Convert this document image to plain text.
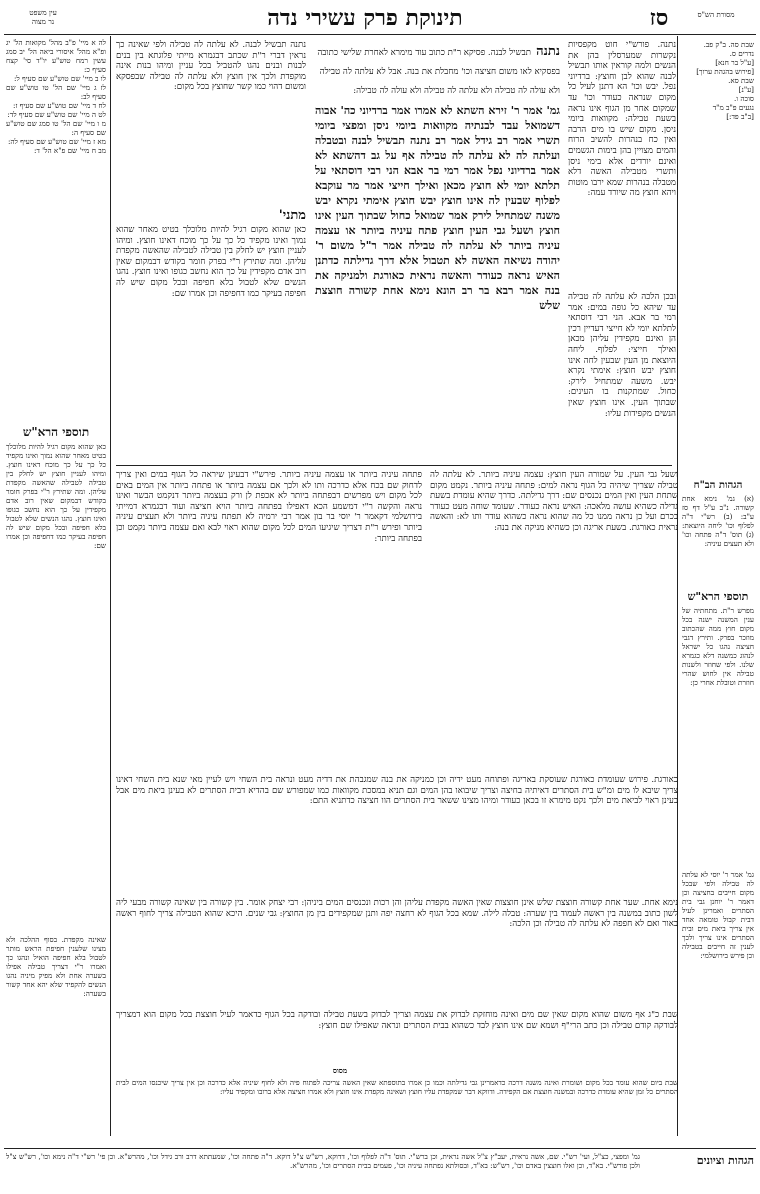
מסורת הש"ס
סז
תינוקת פרק עשירי נדה
עין משפט
נר מצוה
לה א מיי' פ"ב מהל' מקואות הל' יג ופ"א מהל' איסורי ביאה הל' יב סמג עשין רמח טוש"ע יו"ד סי' קצח סעיף כ:
לו ב מיי' שם טוש"ע שם סעיף ל:
לז ג מיי' שם הל' טו טוש"ע שם סעיף לב:
לח ד מיי' שם טוש"ע שם סעיף ז:
לט ה מיי' שם טוש"ע שם סעיף לד:
מ ו מיי' שם הל' טו סמג שם טוש"ע שם סעיף ה:
מא ז מיי' שם טוש"ע שם סעיף לה:
מב ח מיי' שם פ"א הל' ד:
תוספי הרא"ש
כאן שהוא מקום רגיל להיות מלוכלך בטיט מאחר שהוא נמוך ואינו מקפיד כל כך על כך מוכח דאינו חוצץ. ומיהו לעניין חוצץ יש לחלק בין טבילה לטבילה שהאשה מקפדת עליהן. ומה שתירץ ר"י בפרק חומר בקודש דבמקום שאין רוב אדם מקפידין על כך הוא נחשב כגופו ואינו חוצץ. נהגו הנשים שלא לטבול בלא חפיפה ובכל מקום שיש לה חפיפה בעיקר כמו דחפיפה וכן אמרו שם:
שאינה מקפדת. בסוף ההלכה ולא מצינו שלענין חפיפת הראש מותר לטבול בלא חפיפה הואיל ונהגו כך ואמרו ר"י דצריך טבילה אפילו בשערה אחת ולא מפיק מיניה נהגו הנשים להקפיד שלא יהא אחד קשור בשערה:
נתנה תבשיל לבנה. לא עלתה לה טבילה ולפי שאינה כך נראין דברי ר"ת שכתב דבגמרא מייתי פלוגתא בין בנים לבנות ובנים נהגו להטביל בכל עניין ומיהו בנות אינה מוקפדת ולכך אין חוצץ ולא עלתה לה טבילה שבפסקא ומשום דהוי כמו קשר שחוצץ בכל מקום:
מתני'
כאן שהוא מקום רגיל להיות מלוכלך בטיט מאחר שהוא נמוך ואינו מקפיד כל כך על כך מוכח דאינו חוצץ. ומיהו לעניין חוצץ יש לחלק בין טבילה לטבילה שהאשה מקפדת עליהן. ומה שתירץ ר"י בפרק חומר בקודש דבמקום שאין רוב אדם מקפידין על כך הוא נחשב כגופו ואינו חוצץ. נהגו הנשים שלא לטבול בלא חפיפה ובכל מקום שיש לה חפיפה בעיקר כמו דחפיפה וכן אמרו שם:
נתנה תבשיל לבנה. פסיקא ר"ת כתוב עוד מימרא לאחרת שלישי כתובה בפסקיא לאו משום חציצה וכו' מחבלת את בנה. אבל לא עלתה לה טבילה ולא עולה לה טבילה ולא עלתה לה טבילה ולא עולה לה טבילה:
גמ' אמר ר' זירא השתא לא אמרו אמר ברדיוני כה' אבוה דשמואל עבד לבנתיה מקוואות ביומי ניסן ומפצי ביומי תשרי אמר רב גידל אמר רב נתנה תבשיל לבנה ובטבלה ועלתה לה לא עלתה לה טבילה אף על גב דהשתא לא אמר ברדיוני נפל אמר רמי בר אבא הני רבי דוסתאי על תלתא יומי לא חוצץ מכאן ואילך חייצי אמר מר עוקבא לפלוף שבעין לה אינו חוצץ יבש חוצץ אימתי נקרא יבש משנה שמתחיל לירק אמר שמואל כחול שבתוך העין אינו חוצץ ושעל גבי העין חוצץ פתח עיניה ביותר או עצמה עיניה ביותר לא עלתה לה טבילה אמר ר"ל משום ר' יהודה נשיאה האשה לא תטבול אלא דרך גדילתה כדתנן האיש נראה כעודר והאשה נראית כאורגת ולמניקה את בנה אמר רבא בר רב הונא נימא אחת קשורה חוצצת שלש
נתנה. פורש"י חוט מקפסיות נקשרות שמערסלין בהן את הנשים ולמה קוראין אותו תבשיל לבנה שהוא לבן וחוצץ: ברדיוני נפל. יבש וכו' הא דתנן לעיל כל מקום שנראה כעודר וכו' עד שמקום אחר מן הגוף אינו נראה בשעת טבילה: מקוואות ביומי ניסן. מקום שיש בו מים הרבה ואין כח בנהרות להשיב הרוח והמים מצויין בהן בימות הגשמים ואינם יורדים אלא בימי ניסן ותשרי מטבילה האשה דלא מטבלה בנהרות שמא ירבו מוטות ויהא חוצץ מה שיורד עמה:
ובכן הלכה לא עלתה לה טבילה עד שיהא כל גופה במים: אמר רמי בר אבא. הני רבי דוסתאי לתלתא יומי לא חייצי דעדיין רכין הן ואינם מקפידין עליהן מכאן ואילך חייצי: לפלוף. ליחה היוצאת מן העין שבעין לחה אינו חוצץ יבש חוצץ: אימתי נקרא יבש. משעה שמתחיל לירק: כחול. שמתקנות בו העינים: שבתוך העין. אינו חוצץ שאין הנשים מקפידות עליו:
שבת סה. ב"ק פב.
נדרים ס.
[ע"ל בר חנא]
[פירוש בהגהת ערוך]
שבת סא.
[ע"נ]
סוכה ו.
נגעים פ"ב מ"ד
[ב"ב פד:]
ושעל גבי העין. על שמורה העין חוצץ: עצמה עיניה ביותר. לא עלתה לה טבילה שצריך שיהיה כל הגוף נראה למים: פתחה עיניה ביותר. נקמט מקום שתחת העין ואין המים נכנסים שם: דרך גדילתה. כדרך שהיא עומדת בשעת גדילה כשהיא עושה מלאכה: האיש נראה כעודר. שעומד שוחה מעט כעודר בכרם ועל כן נראה ממנו כל מה שהוא נראה כשהוא עודר ותו לא: והאשה נראית כאורגת. בשעת אריגה וכן כשהיא מניקה את בנה:
פתחה עיניה ביותר או עצמה עיניה ביותר. פירש"י דבעינן שיראה כל הגוף במים ואין צריך לדחוק שם בכח אלא כדרכה ותו לא ולכך אם עצמה ביותר או פתחה ביותר אין המים באים לכל מקום ויש מפרשים דבפתחה ביותר לא אכפת לן ורק בעצמה ביותר דנקמט הבשר ואינו נראה והקשה ר"י דמשמע הכא דאפילו בפתחה ביותר הויא חציצה ועוד דבגמרא דמייתי בירושלמי דקאמר ר' יוסי בר בון אמר רבי ירמיה לא תפתח עיניה ביותר ולא תעצים עיניה ביותר ופירש ר"ת דצריך שיגיעו המים לכל מקום שהוא ראוי לבא ואם עצמה ביותר נקמט וכן בפתחה ביותר:
הגהות הב"ח
(א) גמ' נימא אחת קשורה. נ"ב ע"ל דף סז ע"ב: (ב) רש"י ד"ה לפלוף וכו' ליחה היוצאת: (ג) תוס' ד"ה פתחה וכו' ולא תעצים עיניה:
תוספי הרא"ש
מפרש ר"ת. מתחתיה של ענין המשנה ישנה בכל מקום חוץ ממה שהכתוב מוזכר בפרק. ותירץ דגבי חציצה נהגו כל ישראל לנהוג כמשנה דלא כגמרא שלנו. ולפי שחוזר ולשנות טבילה אין לחוש שהרי חוזרת וטובלת אחרי כן:
גמ' אמר ר' יוסי לא עלתה לה טבילה ולפי שבכל מקום חייבים בחציצה וכן דאמר ר' יוחנן גבי בית הסתרים ואמרינן לעיל דבית קבול טומאה אחד אין צריך ביאת מים ובית הסתרים אינו צריך ולכך לענין זה חייבים בטבילה וכן פירש בירושלמי:
כאורגת. פירוש שעומדת כאורגת שעוסקת באריגה ופתוחה מעט ידיה וכן כמניקה את בנה שמגבהת את דדיה מעט ונראה בית השחי ויש לעיין מאי שנא בית השחי דאינו צריך שיבא לו מים ומ"ש בית הסתרים דאיתיה בחיצה וצריך שיבואו בהן המים וגם תניא במסכת מקוואות כמו שמפורש שם בהדיא דבית הסתרים לא בעינן ביאת מים אבל בעינן ראוי לביאת מים ולכך נקט מימרא זו בכאן כעודר ומיהו מצינו ששאר בית הסתרים הוו חציצה כדתניא התם:
נימא אחת. שער אחת קשורה חוצצת שלש אינן חוצצות שאין האשה מקפדת עליהן והן רכות ונכנסים המים ביניהן: רבי יצחק אומר. בין קשורה בין שאינה קשורה מבעי ליה לשון כתוב במשנה בין ראשה לעמוד בין שערה: טבלה לילה. שמא בכל הגוף לא רחצה יפה ותנן שמקפידים בין מן החוצץ: גבי שנים. היכא שהוא הטבילה צריך לחוף ראשה באור ואם לא חפפה לא עלתה לה טבילה וכן הלכה:
שבת כ"ג אף משום שהוא מקום שאין שם מים ואינה מוחזקת לבדוק את עצמה וצריך לבדוק בשעת טבילה ובודקה בכל הגוף כדאמר לעיל חוצצת בכל מקום הוא דמצריך לבודקה קודם טבילה וכן כתב הרי"ף ושמא שם אינו חוצץ לבד כשהוא בבית הסתרים ונראה שאפילו שם חוצץ:
מסוס
שבת ביום שהוא עומד בכל מקום ושומרת ואינה משנה דרכה כדאמרינן גבי גדילתה וכמו כן אמרו בתוספתא שאין האשה צריכה לפתוח פיה ולא לחוף שיניה אלא כדרכה וכן אין צריך שיכנסו המים לבית הסתרים כל זמן שהיא עומדת כדרכה ובמשנה חוצצת אם הקפידה. ודווקא דבר שמקפדת עליו חוצץ ושאינה מקפדת אינו חוצץ ולא אמרו חציצה אלא ברובו ומקפיד עליו:
הגהות וציונים
גמ' ומפצי, כצ"ל, ועי' רש"י. שם, אשה נראית, יעב"ץ צ"ל אשה נראית, וכן ברש"י. תוס' ד"ה לפלוף וכו', דדוקא, רש"ש צ"ל דוקא. ד"ה פתחה וכו', שמעתתא דרב ורב גידל וכו', מהרש"א. וכן פי' רש"י ד"ה נימא וכו', רש"ש צ"ל ולכן פורש"י. בא"ד, וכן ואלו חוצצין באדם וכו', רש"ש: בא"ד, ובסולתא נפתחה עיניה וכו', פעמים בבית הסתרים וכו', מהרש"א.
